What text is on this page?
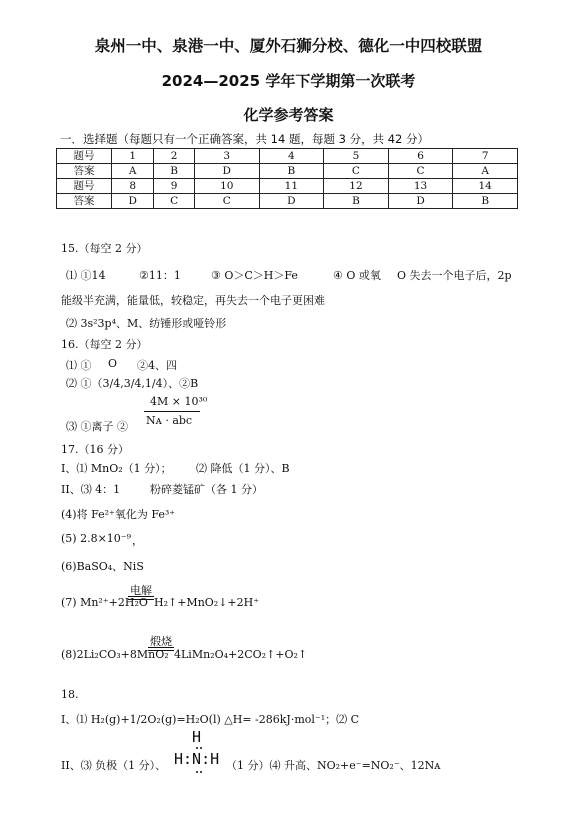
泉州一中、泉港一中、厦外石狮分校、德化一中四校联盟
2024—2025 学年下学期第一次联考
化学参考答案
一．选择题（每题只有一个正确答案，共 14 题，每题 3 分，共 42 分）
题号	1	2	3	4	5	6	7
答案	A	B	D	B	C	C	A
题号	8	9	10	11	12	13	14
答案	D	C	C	D	B	D	B
15.（每空 2 分）
⑴ ①14	②11：1	③ O＞C＞H＞Fe	④ O 或氧 O 失去一个电子后，2p
能级半充满，能量低，较稳定，再失去一个电子更困难
⑵ 3s²3p⁴、M、纺锤形或哑铃形
16.（每空 2 分）
⑴ ① O ②4、四
⑵ ①（3/4,3/4,1/4）、②B
4M × 10³⁰
⑶ ①离子 ② Nᴀ · abc
17.（16 分）
Ⅰ、⑴ MnO₂（1 分）； ⑵ 降低（1 分）、B
II、⑶ 4：1	粉碎菱锰矿（各 1 分）
(4)将 Fe²⁺氧化为 Fe³⁺
(5) 2.8×10⁻⁹ ，
(6)BaSO₄、NiS
(7) Mn²⁺+2H₂O
电解
H₂↑+MnO₂↓+2H⁺
(8)2Li₂CO₃+8MnO₂
煅烧
4LiMn₂O₄+2CO₂↑+O₂↑
18.
Ⅰ、⑴ H₂(g)+1/2O₂(g)=H₂O(l) △H= -286kJ·mol⁻¹；⑵ C
II、⑶ 负极（1 分）、
H
H:N:H （1 分）⑷ 升高、NO₂+e⁻=NO₂⁻、12Nᴀ
